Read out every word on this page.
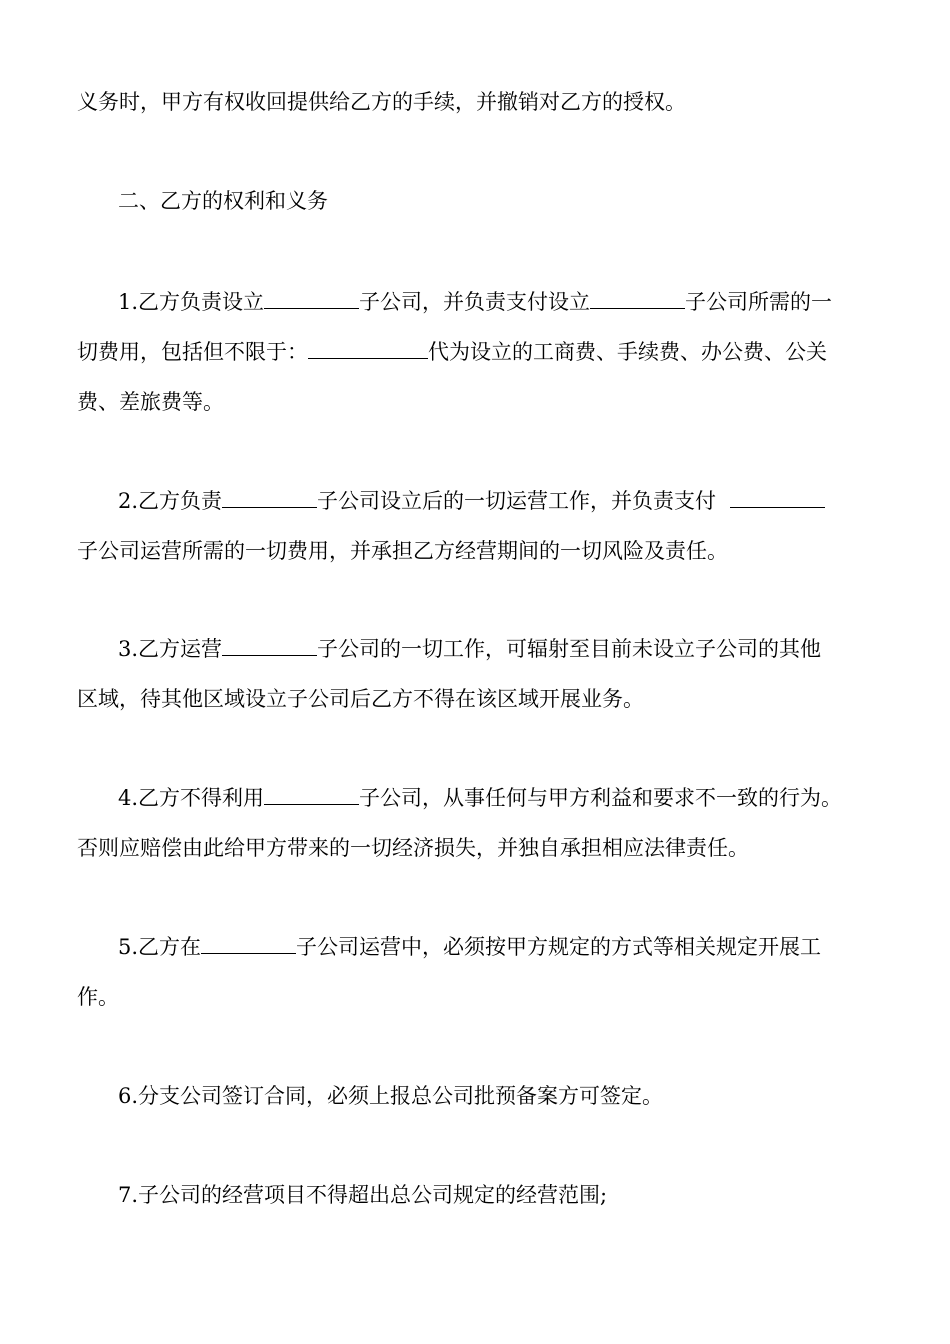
义务时，甲方有权收回提供给乙方的手续，并撤销对乙方的授权。
二、乙方的权利和义务
1.乙方负责设立	子公司，并负责支付设立	子公司所需的一
切费用，包括但不限于：	代为设立的工商费、手续费、办公费、公关
费、差旅费等。
2.乙方负责	子公司设立后的一切运营工作，并负责支付
子公司运营所需的一切费用，并承担乙方经营期间的一切风险及责任。
3.乙方运营	子公司的一切工作，可辐射至目前未设立子公司的其他
区域，待其他区域设立子公司后乙方不得在该区域开展业务。
4.乙方不得利用	子公司，从事任何与甲方利益和要求不一致的行为。
否则应赔偿由此给甲方带来的一切经济损失，并独自承担相应法律责任。
5.乙方在	子公司运营中，必须按甲方规定的方式等相关规定开展工
作。
6.分支公司签订合同，必须上报总公司批预备案方可签定。
7.子公司的经营项目不得超出总公司规定的经营范围;
